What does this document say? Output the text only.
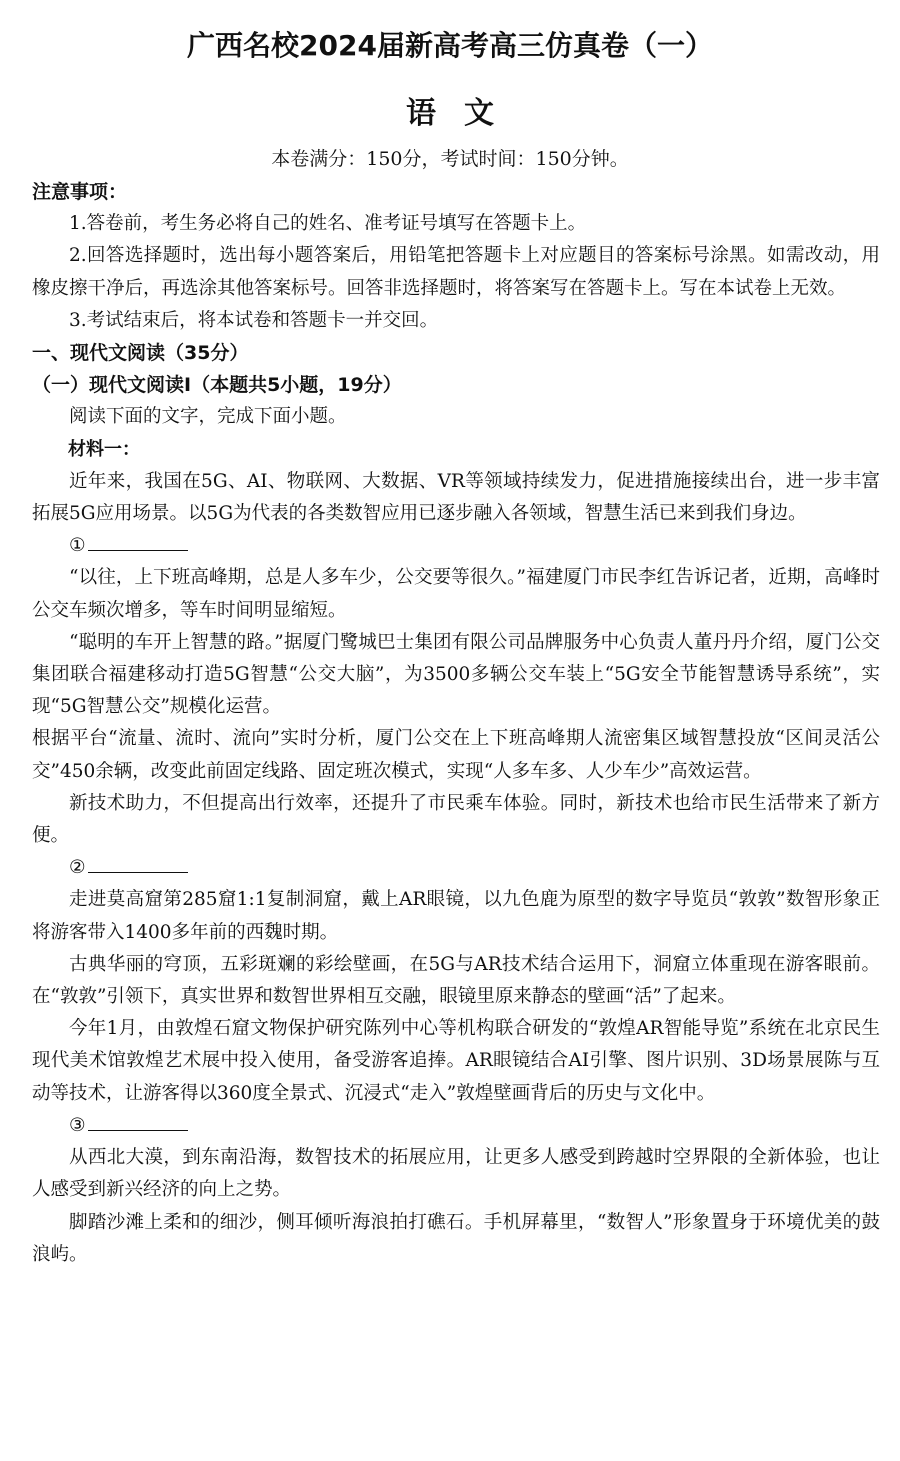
广西名校2024届新高考高三仿真卷（一）
语文
本卷满分：150分，考试时间：150分钟。

注意事项：

1.答卷前，考生务必将自己的姓名、准考证号填写在答题卡上。

2.回答选择题时，选出每小题答案后，用铅笔把答题卡上对应题目的答案标号涂黑。如需改动，用橡皮擦干净后，再选涂其他答案标号。回答非选择题时，将答案写在答题卡上。写在本试卷上无效。

3.考试结束后，将本试卷和答题卡一并交回。

一、现代文阅读（35分）

（一）现代文阅读Ⅰ（本题共5小题，19分）

阅读下面的文字，完成下面小题。

材料一：

近年来，我国在5G、AI、物联网、大数据、VR等领域持续发力，促进措施接续出台，进一步丰富拓展5G应用场景。以5G为代表的各类数智应用已逐步融入各领域，智慧生活已来到我们身边。

①

“以往，上下班高峰期，总是人多车少，公交要等很久。”福建厦门市民李红告诉记者，近期，高峰时公交车频次增多，等车时间明显缩短。

“聪明的车开上智慧的路。”据厦门鹭城巴士集团有限公司品牌服务中心负责人董丹丹介绍，厦门公交集团联合福建移动打造5G智慧“公交大脑”，为3500多辆公交车装上“5G安全节能智慧诱导系统”，实现“5G智慧公交”规模化运营。

根据平台“流量、流时、流向”实时分析，厦门公交在上下班高峰期人流密集区域智慧投放“区间灵活公交”450余辆，改变此前固定线路、固定班次模式，实现“人多车多、人少车少”高效运营。

新技术助力，不但提高出行效率，还提升了市民乘车体验。同时，新技术也给市民生活带来了新方便。

②

走进莫高窟第285窟1:1复制洞窟，戴上AR眼镜，以九色鹿为原型的数字导览员“敦敦”数智形象正将游客带入1400多年前的西魏时期。

古典华丽的穹顶，五彩斑斓的彩绘壁画，在5G与AR技术结合运用下，洞窟立体重现在游客眼前。在“敦敦”引领下，真实世界和数智世界相互交融，眼镜里原来静态的壁画“活”了起来。

今年1月，由敦煌石窟文物保护研究陈列中心等机构联合研发的“敦煌AR智能导览”系统在北京民生现代美术馆敦煌艺术展中投入使用，备受游客追捧。AR眼镜结合AI引擎、图片识别、3D场景展陈与互动等技术，让游客得以360度全景式、沉浸式“走入”敦煌壁画背后的历史与文化中。

③

从西北大漠，到东南沿海，数智技术的拓展应用，让更多人感受到跨越时空界限的全新体验，也让人感受到新兴经济的向上之势。

脚踏沙滩上柔和的细沙，侧耳倾听海浪拍打礁石。手机屏幕里，“数智人”形象置身于环境优美的鼓浪屿。
